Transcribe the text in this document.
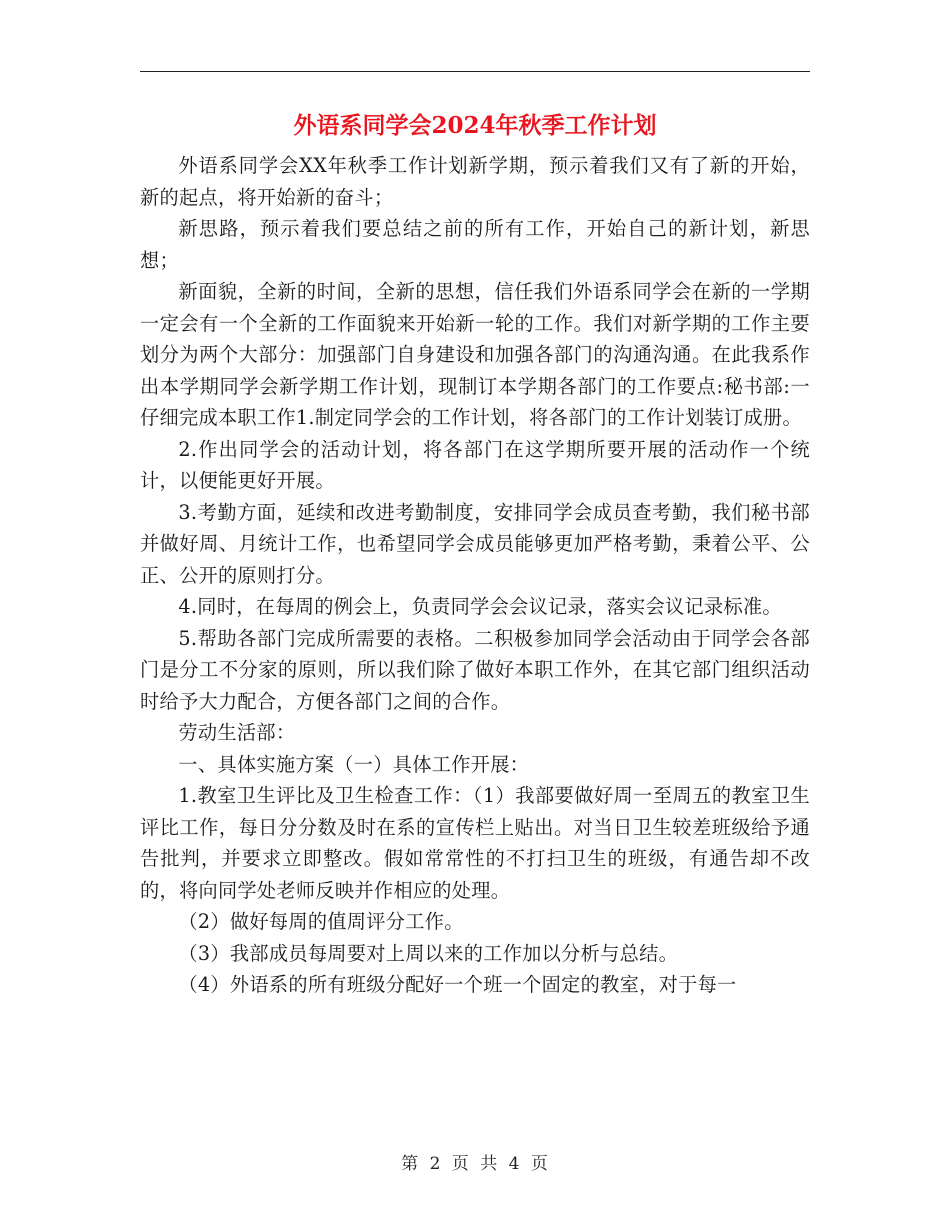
外语系同学会2024年秋季工作计划

外语系同学会XX年秋季工作计划新学期，预示着我们又有了新的开始，新的起点，将开始新的奋斗；

新思路，预示着我们要总结之前的所有工作，开始自己的新计划，新思想；

新面貌，全新的时间，全新的思想，信任我们外语系同学会在新的一学期一定会有一个全新的工作面貌来开始新一轮的工作。我们对新学期的工作主要划分为两个大部分：加强部门自身建设和加强各部门的沟通沟通。在此我系作出本学期同学会新学期工作计划，现制订本学期各部门的工作要点:秘书部:一 仔细完成本职工作1.制定同学会的工作计划，将各部门的工作计划装订成册。

2.作出同学会的活动计划，将各部门在这学期所要开展的活动作一个统计，以便能更好开展。

3.考勤方面，延续和改进考勤制度，安排同学会成员查考勤，我们秘书部并做好周、月统计工作，也希望同学会成员能够更加严格考勤，秉着公平、公正、公开的原则打分。

4.同时，在每周的例会上，负责同学会会议记录，落实会议记录标准。

5.帮助各部门完成所需要的表格。二积极参加同学会活动由于同学会各部门是分工不分家的原则，所以我们除了做好本职工作外，在其它部门组织活动时给予大力配合，方便各部门之间的合作。

劳动生活部：

一、具体实施方案（一）具体工作开展：

1.教室卫生评比及卫生检查工作：（1）我部要做好周一至周五的教室卫生评比工作，每日分分数及时在系的宣传栏上贴出。对当日卫生较差班级给予通告批判，并要求立即整改。假如常常性的不打扫卫生的班级，有通告却不改的，将向同学处老师反映并作相应的处理。

（2）做好每周的值周评分工作。

（3）我部成员每周要对上周以来的工作加以分析与总结。

（4）外语系的所有班级分配好一个班一个固定的教室，对于每一

第 2 页 共 4 页
